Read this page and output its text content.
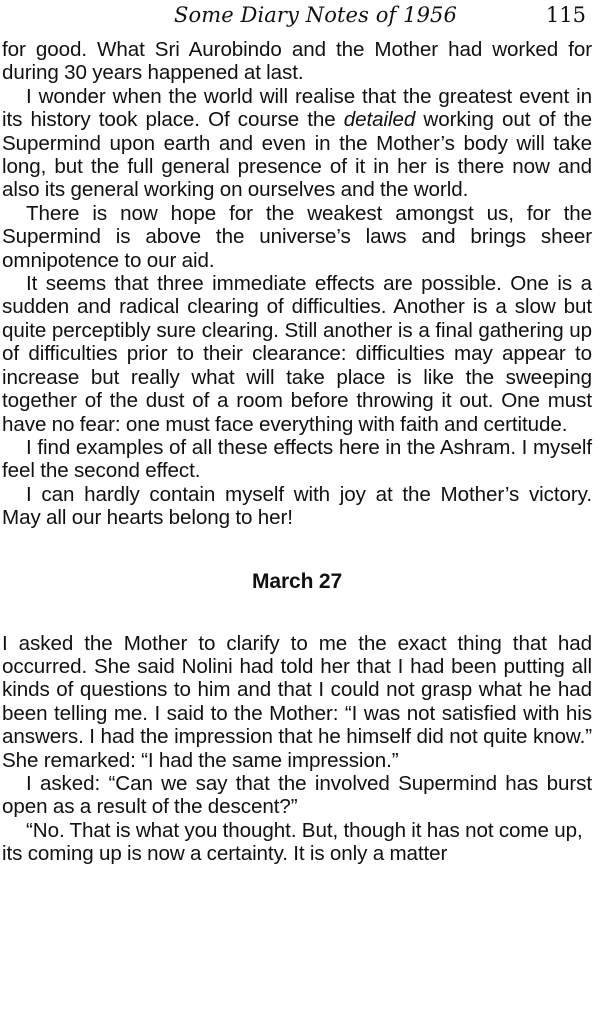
Some Diary Notes of 1956	115

for good. What Sri Aurobindo and the Mother had worked for during 30 years happened at last.

I wonder when the world will realise that the greatest event in its history took place. Of course the detailed working out of the Supermind upon earth and even in the Mother’s body will take long, but the full general presence of it in her is there now and also its general working on ourselves and the world.

There is now hope for the weakest amongst us, for the Supermind is above the universe’s laws and brings sheer omnipotence to our aid.

It seems that three immediate effects are possible. One is a sudden and radical clearing of difficulties. Another is a slow but quite perceptibly sure clearing. Still another is a final gathering up of difficulties prior to their clearance: difficulties may appear to increase but really what will take place is like the sweeping together of the dust of a room before throwing it out. One must have no fear: one must face everything with faith and certitude.

I find examples of all these effects here in the Ashram. I myself feel the second effect.

I can hardly contain myself with joy at the Mother’s victory. May all our hearts belong to her!

March 27

I asked the Mother to clarify to me the exact thing that had occurred. She said Nolini had told her that I had been putting all kinds of questions to him and that I could not grasp what he had been telling me. I said to the Mother: “I was not satisfied with his answers. I had the impression that he himself did not quite know.” She remarked: “I had the same impression.”

I asked: “Can we say that the involved Supermind has burst open as a result of the descent?”

“No. That is what you thought. But, though it has not come up, its coming up is now a certainty. It is only a matter
